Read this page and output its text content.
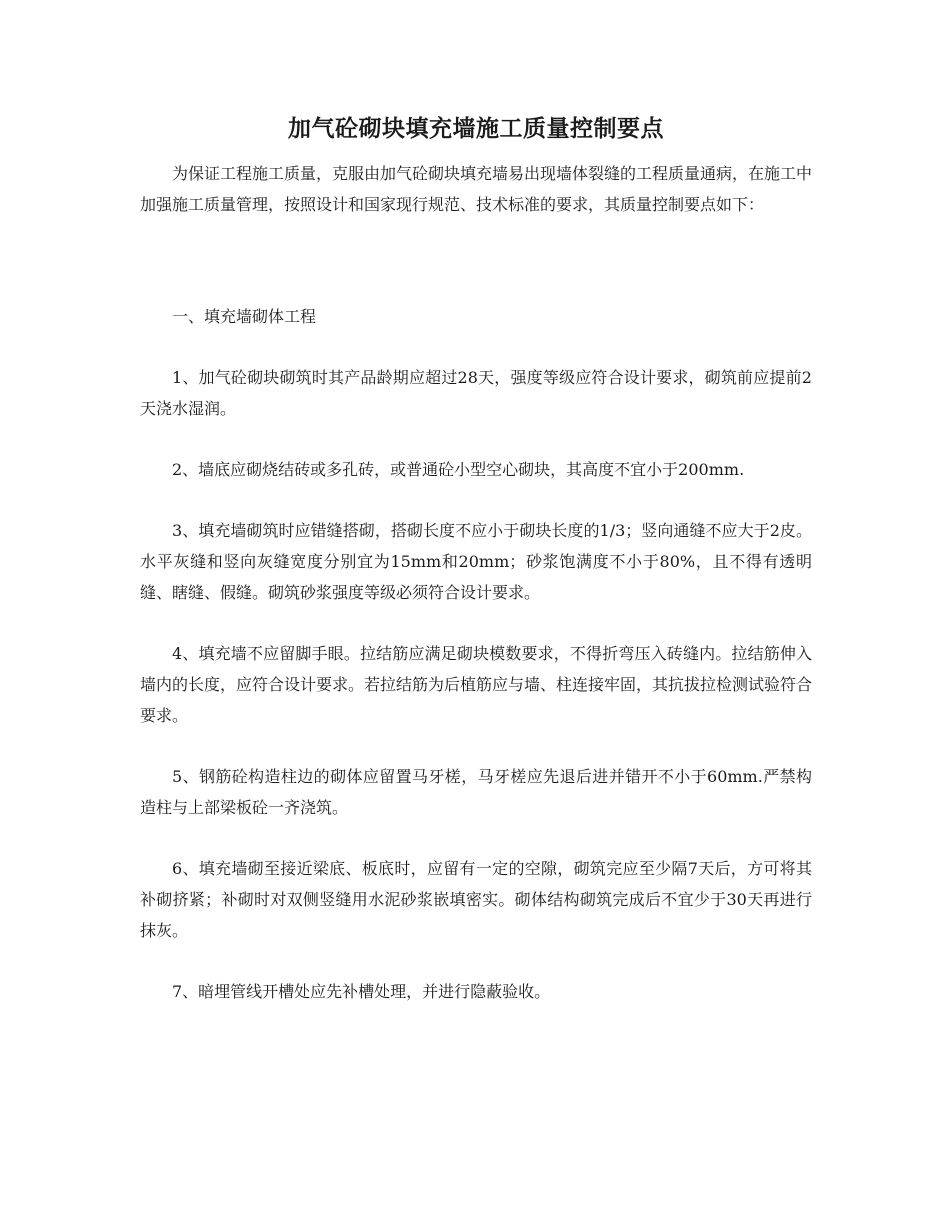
加气砼砌块填充墙施工质量控制要点

为保证工程施工质量，克服由加气砼砌块填充墙易出现墙体裂缝的工程质量通病，在施工中加强施工质量管理，按照设计和国家现行规范、技术标准的要求，其质量控制要点如下：

一、填充墙砌体工程

1、加气砼砌块砌筑时其产品龄期应超过28天，强度等级应符合设计要求，砌筑前应提前2天浇水湿润。

2、墙底应砌烧结砖或多孔砖，或普通砼小型空心砌块，其高度不宜小于200mm.

3、填充墙砌筑时应错缝搭砌，搭砌长度不应小于砌块长度的1/3；竖向通缝不应大于2皮。水平灰缝和竖向灰缝宽度分别宜为15mm和20mm；砂浆饱满度不小于80%，且不得有透明缝、瞎缝、假缝。砌筑砂浆强度等级必须符合设计要求。

4、填充墙不应留脚手眼。拉结筋应满足砌块模数要求，不得折弯压入砖缝内。拉结筋伸入墙内的长度，应符合设计要求。若拉结筋为后植筋应与墙、柱连接牢固，其抗拔拉检测试验符合要求。

5、钢筋砼构造柱边的砌体应留置马牙槎，马牙槎应先退后进并错开不小于60mm.严禁构造柱与上部梁板砼一齐浇筑。

6、填充墙砌至接近梁底、板底时，应留有一定的空隙，砌筑完应至少隔7天后，方可将其补砌挤紧；补砌时对双侧竖缝用水泥砂浆嵌填密实。砌体结构砌筑完成后不宜少于30天再进行抹灰。

7、暗埋管线开槽处应先补槽处理，并进行隐蔽验收。
